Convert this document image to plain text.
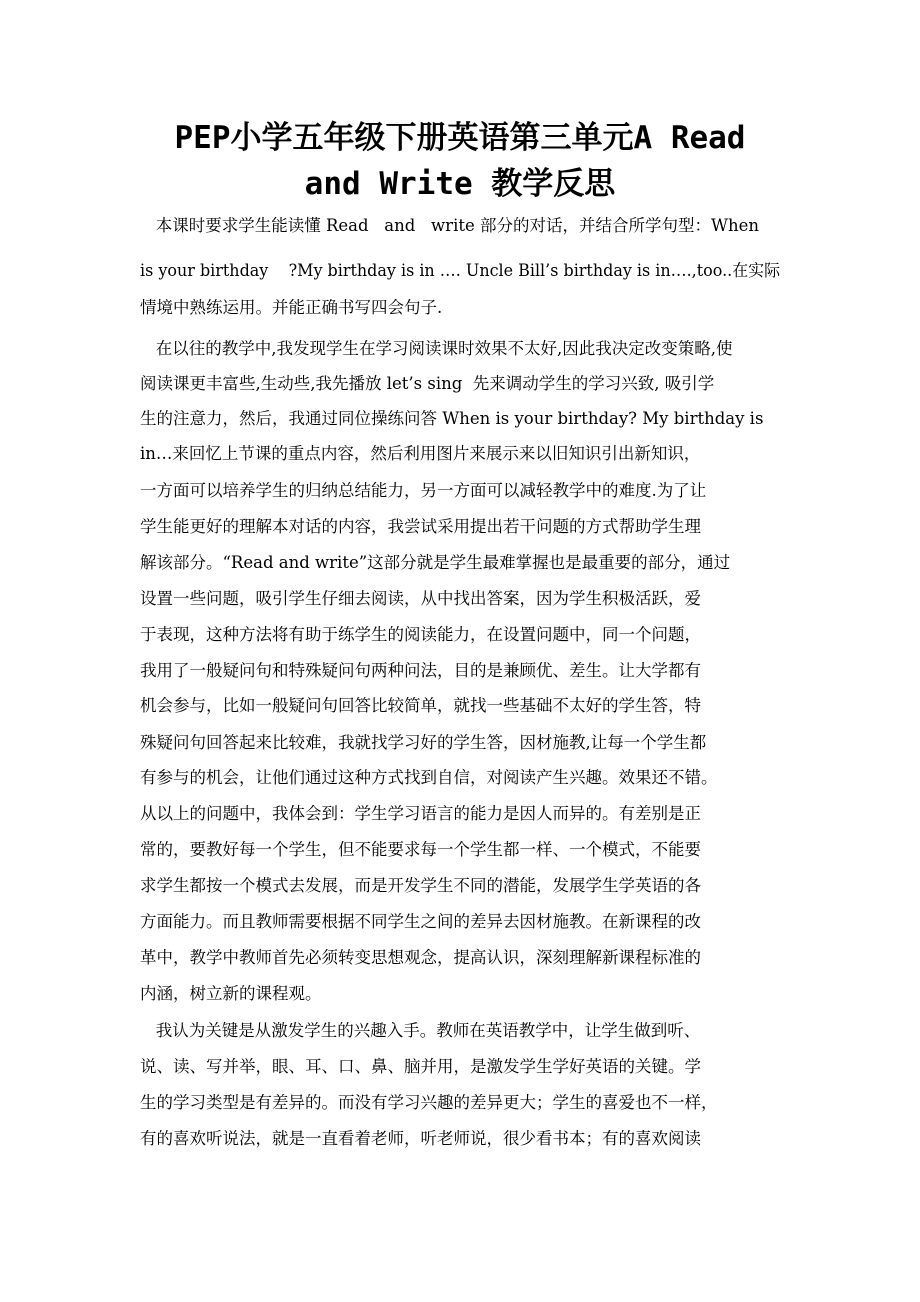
PEP小学五年级下册英语第三单元A Read
and Write 教学反思
本课时要求学生能读懂 Read   and   write 部分的对话，并结合所学句型：When
is your birthday    ?My birthday is in …. Uncle Bill’s birthday is in….,too..在实际
情境中熟练运用。并能正确书写四会句子.
在以往的教学中,我发现学生在学习阅读课时效果不太好,因此我决定改变策略,使
阅读课更丰富些,生动些,我先播放 let’s sing  先来调动学生的学习兴致, 吸引学
生的注意力，然后，我通过同位操练问答 When is your birthday? My birthday is
in…来回忆上节课的重点内容，然后利用图片来展示来以旧知识引出新知识，
一方面可以培养学生的归纳总结能力，另一方面可以减轻教学中的难度.为了让
学生能更好的理解本对话的内容，我尝试采用提出若干问题的方式帮助学生理
解该部分。“Read and write”这部分就是学生最难掌握也是最重要的部分，通过
设置一些问题，吸引学生仔细去阅读，从中找出答案，因为学生积极活跃，爱
于表现，这种方法将有助于练学生的阅读能力，在设置问题中，同一个问题，
我用了一般疑问句和特殊疑问句两种问法，目的是兼顾优、差生。让大学都有
机会参与，比如一般疑问句回答比较简单，就找一些基础不太好的学生答，特
殊疑问句回答起来比较难，我就找学习好的学生答，因材施教,让每一个学生都
有参与的机会，让他们通过这种方式找到自信，对阅读产生兴趣。效果还不错。
从以上的问题中，我体会到：学生学习语言的能力是因人而异的。有差别是正
常的，要教好每一个学生，但不能要求每一个学生都一样、一个模式，不能要
求学生都按一个模式去发展，而是开发学生不同的潜能，发展学生学英语的各
方面能力。而且教师需要根据不同学生之间的差异去因材施教。在新课程的改
革中，教学中教师首先必须转变思想观念，提高认识，深刻理解新课程标准的
内涵，树立新的课程观。
我认为关键是从激发学生的兴趣入手。教师在英语教学中，让学生做到听、
说、读、写并举，眼、耳、口、鼻、脑并用，是激发学生学好英语的关键。学
生的学习类型是有差异的。而没有学习兴趣的差异更大；学生的喜爱也不一样，
有的喜欢听说法，就是一直看着老师，听老师说，很少看书本；有的喜欢阅读
